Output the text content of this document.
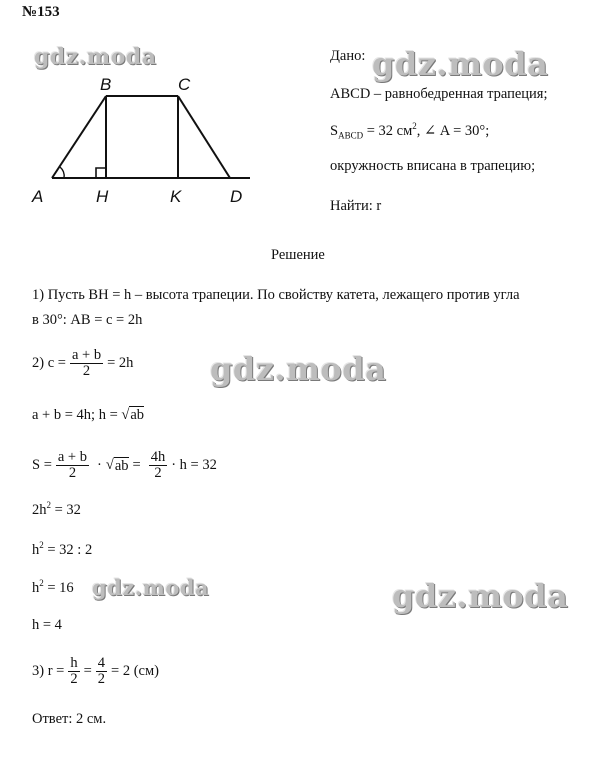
№153
A
B	C
D
H	K
Дано:
ABCD – равнобедренная трапеция;
$S_{ABCD} = 32$ $см^2$, ∠ A = 30°;
окружность вписана в трапецию;
Найти: r
Решение
1) Пусть BH = h – высота трапеции. По свойству катета, лежащего против угла
в 30°: AB = c = 2h
2) $c = \frac{a + b}{2} = 2h$
a + b = 4h; h = √ab
$S = \frac{a + b}{2}$ · √ ab = $\frac{4h}{2} \cdot h = 32$
$2h^2 = 32$
$h^2 = 32$ : 2
$h^2 = 16$
h = 4
3) $r = \frac{h}{2} = \frac{4}{2} = 2$ (см)
Ответ: 2 см.
gdz.moda	gdz.moda
gdz.moda
gdz.moda	gdz.moda
